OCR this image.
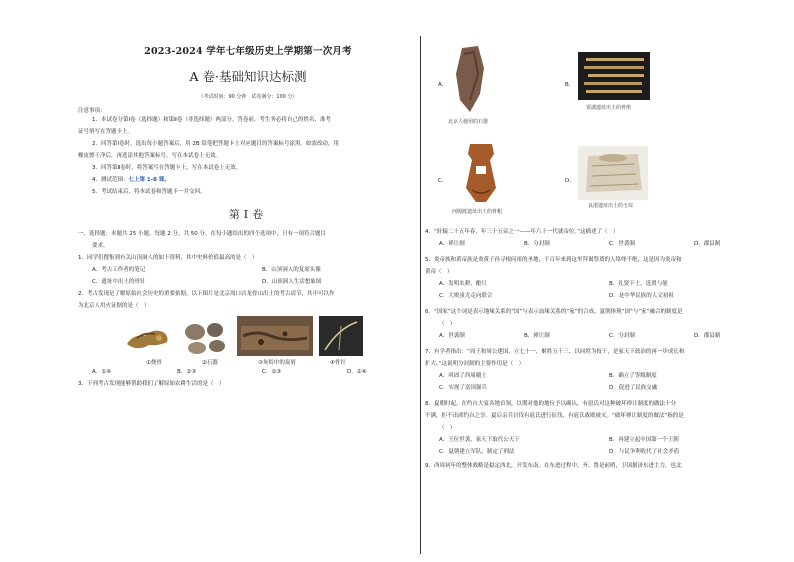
2023-2024 学年七年级历史上学期第一次月考
A 卷·基础知识达标测
（考试时间：90 分钟　试卷满分：100 分）
注意事项：

1．本试卷分第Ⅰ卷（选择题）和第Ⅱ卷（非选择题）两部分。答卷前，考生务必将自己的姓名、准考

证号填写在答题卡上。

2．回答第Ⅰ卷时，选出每小题答案后，用 2B 铅笔把答题卡上对应题目的答案标号涂黑。如需改动，用

橡皮擦干净后，再选涂其他答案标号。写在本试卷上无效。

3．回答第Ⅱ卷时，将答案写在答题卡上。写在本试卷上无效。

4．测试范围：七上第 1-8 课。

5．考试结束后，将本试卷和答题卡一并交回。

第Ⅰ卷

一、选择题：本题共 25 小题，每题 2 分，共 50 分。在每小题给出的四个选项中，只有一项符合题目

要求。

1．同学们搜集到有关山顶洞人的如下资料，其中史料价值最高的是（　）

A．考古工作者的笔记	B．山顶洞人的复原头像
C．遗址中出土的骨针	D．山顶洞人生活想象图

2．考古发现是了解原始社会历史的重要依据。以下图片是北京周口店龙骨山出土的考古请节，其中可以作

为北京人用火证据的是（　）

①烧骨	②石器	③灰烬中的炭屑	④骨针
A．①④	B．②③	C．①③	D．②④

3．下列考古发现能够帮助我们了解原始农耕生活的是（　）

A．
北京人使用的石器
B．
贾湖遗址出土的骨笛
C．
河姆渡遗址出土的骨耜
D．
良渚遗址出土的玉琮

4．“轩辕二十五年春，年三十五帝之一——年六十一代就帝位。”这描述了（　）

A．禅让制	B．分封制	C．世袭制	D．郡县制

5．炎帝族和黄帝族是炎黄子孙寻根问祖的圣地，千百年来到这里拜谒祭奠的人络绎不绝，这是因为炎帝和

黄帝（　）

A．发明农耕，酿只	B．礼贤下士，选贤与能
C．大败蚩尤走向联合	D．是中华民族的人文初祖

6．“国家”这个词是表示地缘关系的“国”与表示血缘关系的“家”的合成，夏朝体现“国”与“家”融合的制度是

（　）

A．世袭制	B．禅让制	C．分封制	D．郡县制

7．有学者指出：“周王和周公建国，立七十一，姬姓五十三，以同姓为枝干，是家天下政治的再一步成长和

扩大。”这说明分封制的主要作用是（　）

A．巩固了西周疆土	B．确立了等级制度
C．实现了富国强兵	D．促进了民族交融

8．夏朝时起，在约台大宴各地首领，以期对他的地位予以确认，有扈氏对这种破坏禅让制度的做法十分

不满，拒不出席约台之享。夏启亲兵讨伐有扈氏进行征伐，有扈氏战败被灭。“破坏禅让制度的做法”指的是

（　）

A．王位世袭，家天下取代公天下	B．再建立起中国第一个王朝
C．夏朝建立军队，制定了刑法	D．与民争利收代了社会矛盾

9．西周初年的整体战略是稳定西北，开发东南。在东进过程中，齐、鲁是前哨，卫国据济东进主力，也北
